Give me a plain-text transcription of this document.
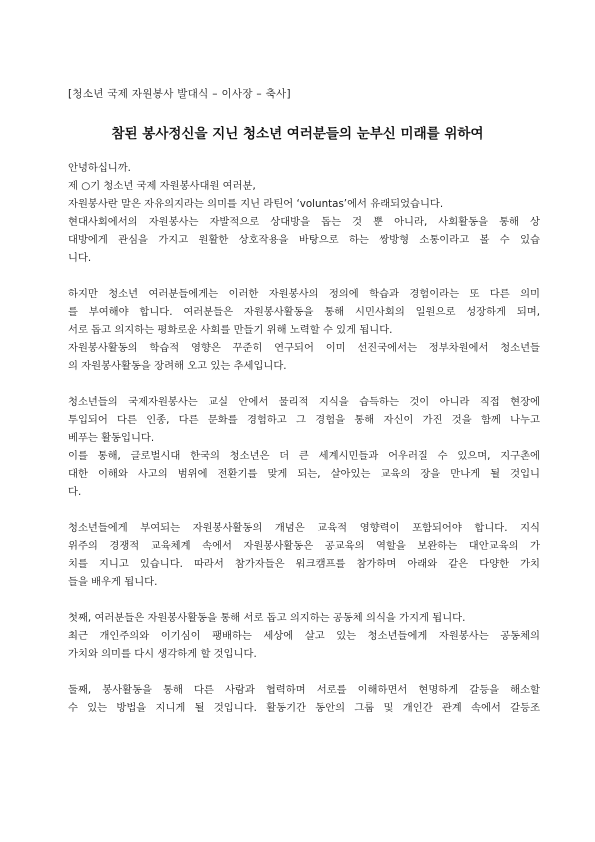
[청소년 국제 자원봉사 발대식 – 이사장 – 축사]
참된 봉사정신을 지닌 청소년 여러분들의 눈부신 미래를 위하여
안녕하십니까.
제 ○기 청소년 국제 자원봉사대원 여러분,
자원봉사란 말은 자유의지라는 의미를 지닌 라틴어 ‘voluntas’에서 유래되었습니다.
현대사회에서의 자원봉사는 자발적으로 상대방을 돕는 것 뿐 아니라, 사회활동을 통해 상
대방에게 관심을 가지고 원활한 상호작용을 바탕으로 하는 쌍방형 소통이라고 볼 수 있습
니다.
하지만 청소년 여러분들에게는 이러한 자원봉사의 정의에 학습과 경험이라는 또 다른 의미
를 부여해야 합니다. 여러분들은 자원봉사활동을 통해 시민사회의 일원으로 성장하게 되며,
서로 돕고 의지하는 평화로운 사회를 만들기 위해 노력할 수 있게 됩니다.
자원봉사활동의 학습적 영향은 꾸준히 연구되어 이미 선진국에서는 정부차원에서 청소년들
의 자원봉사활동을 장려해 오고 있는 추세입니다.
청소년들의 국제자원봉사는 교실 안에서 물리적 지식을 습득하는 것이 아니라 직접 현장에
투입되어 다른 인종, 다른 문화를 경험하고 그 경험을 통해 자신이 가진 것을 함께 나누고
베푸는 활동입니다.
이를 통해, 글로벌시대 한국의 청소년은 더 큰 세계시민들과 어우러질 수 있으며, 지구촌에
대한 이해와 사고의 범위에 전환기를 맞게 되는, 살아있는 교육의 장을 만나게 될 것입니
다.
청소년들에게 부여되는 자원봉사활동의 개념은 교육적 영향력이 포함되어야 합니다. 지식
위주의 경쟁적 교육체계 속에서 자원봉사활동은 공교육의 역할을 보완하는 대안교육의 가
치를 지니고 있습니다. 따라서 참가자들은 워크캠프를 참가하며 아래와 같은 다양한 가치
들을 배우게 됩니다.
첫째, 여러분들은 자원봉사활동을 통해 서로 돕고 의지하는 공동체 의식을 가지게 됩니다.
최근 개인주의와 이기심이 팽배하는 세상에 살고 있는 청소년들에게 자원봉사는 공동체의
가치와 의미를 다시 생각하게 할 것입니다.
둘째, 봉사활동을 통해 다른 사람과 협력하며 서로를 이해하면서 현명하게 갈등을 해소할
수 있는 방법을 지니게 될 것입니다. 활동기간 동안의 그룹 및 개인간 관계 속에서 갈등조
